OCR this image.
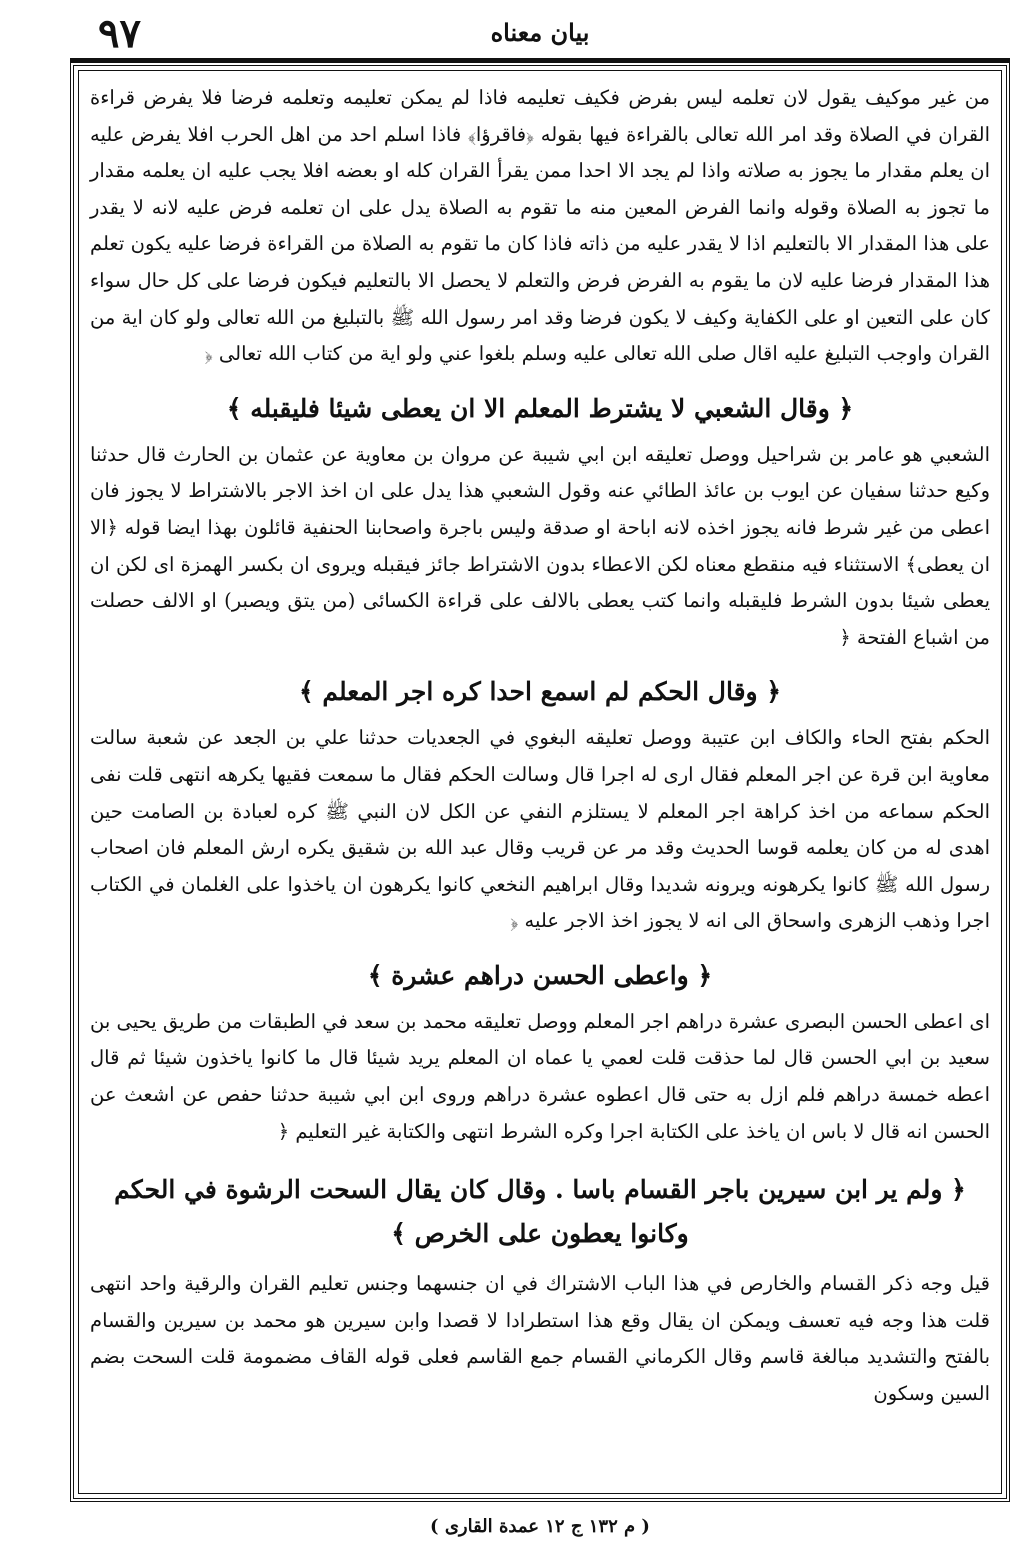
٩٧	بيان معناه

من غير موكيف يقول لان تعلمه ليس بفرض فكيف تعليمه فاذا لم يمكن تعليمه وتعلمه فرضا فلا يفرض قراءة القران في الصلاة وقد امر الله تعالى بالقراءة فيها بقوله ﴿فاقرؤا﴾ فاذا اسلم احد من اهل الحرب افلا يفرض عليه ان يعلم مقدار ما يجوز به صلاته واذا لم يجد الا احدا ممن يقرأ القران كله او بعضه افلا يجب عليه ان يعلمه مقدار ما تجوز به الصلاة وقوله وانما الفرض المعين منه ما تقوم به الصلاة يدل على ان تعلمه فرض عليه لانه لا يقدر على هذا المقدار الا بالتعليم اذا لا يقدر عليه من ذاته فاذا كان ما تقوم به الصلاة من القراءة فرضا عليه يكون تعلم هذا المقدار فرضا عليه لان ما يقوم به الفرض فرض والتعلم لا يحصل الا بالتعليم فيكون فرضا على كل حال سواء كان على التعين او على الكفاية وكيف لا يكون فرضا وقد امر رسول الله ﷺ بالتبليغ من الله تعالى ولو كان اية من القران واوجب التبليغ عليه اقال صلى الله تعالى عليه وسلم بلغوا عني ولو اية من كتاب الله تعالى ﴿

﴿ وقال الشعبي لا يشترط المعلم الا ان يعطى شيئا فليقبله ﴾

الشعبي هو عامر بن شراحيل ووصل تعليقه ابن ابي شيبة عن مروان بن معاوية عن عثمان بن الحارث قال حدثنا وكيع حدثنا سفيان عن ايوب بن عائذ الطائي عنه وقول الشعبي هذا يدل على ان اخذ الاجر بالاشتراط لا يجوز فان اعطى من غير شرط فانه يجوز اخذه لانه اباحة او صدقة وليس باجرة واصحابنا الحنفية قائلون بهذا ايضا قوله ﴿الا ان يعطى﴾ الاستثناء فيه منقطع معناه لكن الاعطاء بدون الاشتراط جائز فيقبله ويروى ان بكسر الهمزة اى لكن ان يعطى شيئا بدون الشرط فليقبله وانما كتب يعطى بالالف على قراءة الكسائى (من يتق ويصبر) او الالف حصلت من اشباع الفتحة ﴿

﴿ وقال الحكم لم اسمع احدا كره اجر المعلم ﴾

الحكم بفتح الحاء والكاف ابن عتيبة ووصل تعليقه البغوي في الجعديات حدثنا علي بن الجعد عن شعبة سالت معاوية ابن قرة عن اجر المعلم فقال ارى له اجرا قال وسالت الحكم فقال ما سمعت فقيها يكرهه انتهى قلت نفى الحكم سماعه من اخذ كراهة اجر المعلم لا يستلزم النفي عن الكل لان النبي ﷺ كره لعبادة بن الصامت حين اهدى له من كان يعلمه قوسا الحديث وقد مر عن قريب وقال عبد الله بن شقيق يكره ارش المعلم فان اصحاب رسول الله ﷺ كانوا يكرهونه ويرونه شديدا وقال ابراهيم النخعي كانوا يكرهون ان ياخذوا على الغلمان في الكتاب اجرا وذهب الزهرى واسحاق الى انه لا يجوز اخذ الاجر عليه ﴿

﴿ واعطى الحسن دراهم عشرة ﴾

اى اعطى الحسن البصرى عشرة دراهم اجر المعلم ووصل تعليقه محمد بن سعد في الطبقات من طريق يحيى بن سعيد بن ابي الحسن قال لما حذقت قلت لعمي يا عماه ان المعلم يريد شيئا قال ما كانوا ياخذون شيئا ثم قال اعطه خمسة دراهم فلم ازل به حتى قال اعطوه عشرة دراهم وروى ابن ابي شيبة حدثنا حفص عن اشعث عن الحسن انه قال لا باس ان ياخذ على الكتابة اجرا وكره الشرط انتهى والكتابة غير التعليم ﴿

﴿ ولم ير ابن سيرين باجر القسام باسا . وقال كان يقال السحت الرشوة في الحكم
وكانوا يعطون على الخرص ﴾

قيل وجه ذكر القسام والخارص في هذا الباب الاشتراك في ان جنسهما وجنس تعليم القران والرقية واحد انتهى قلت هذا وجه فيه تعسف ويمكن ان يقال وقع هذا استطرادا لا قصدا وابن سيرين هو محمد بن سيرين والقسام بالفتح والتشديد مبالغة قاسم وقال الكرماني القسام جمع القاسم فعلى قوله القاف مضمومة قلت السحت بضم السين وسكون

( م ١٣٢ ج ١٢ عمدة القارى )
